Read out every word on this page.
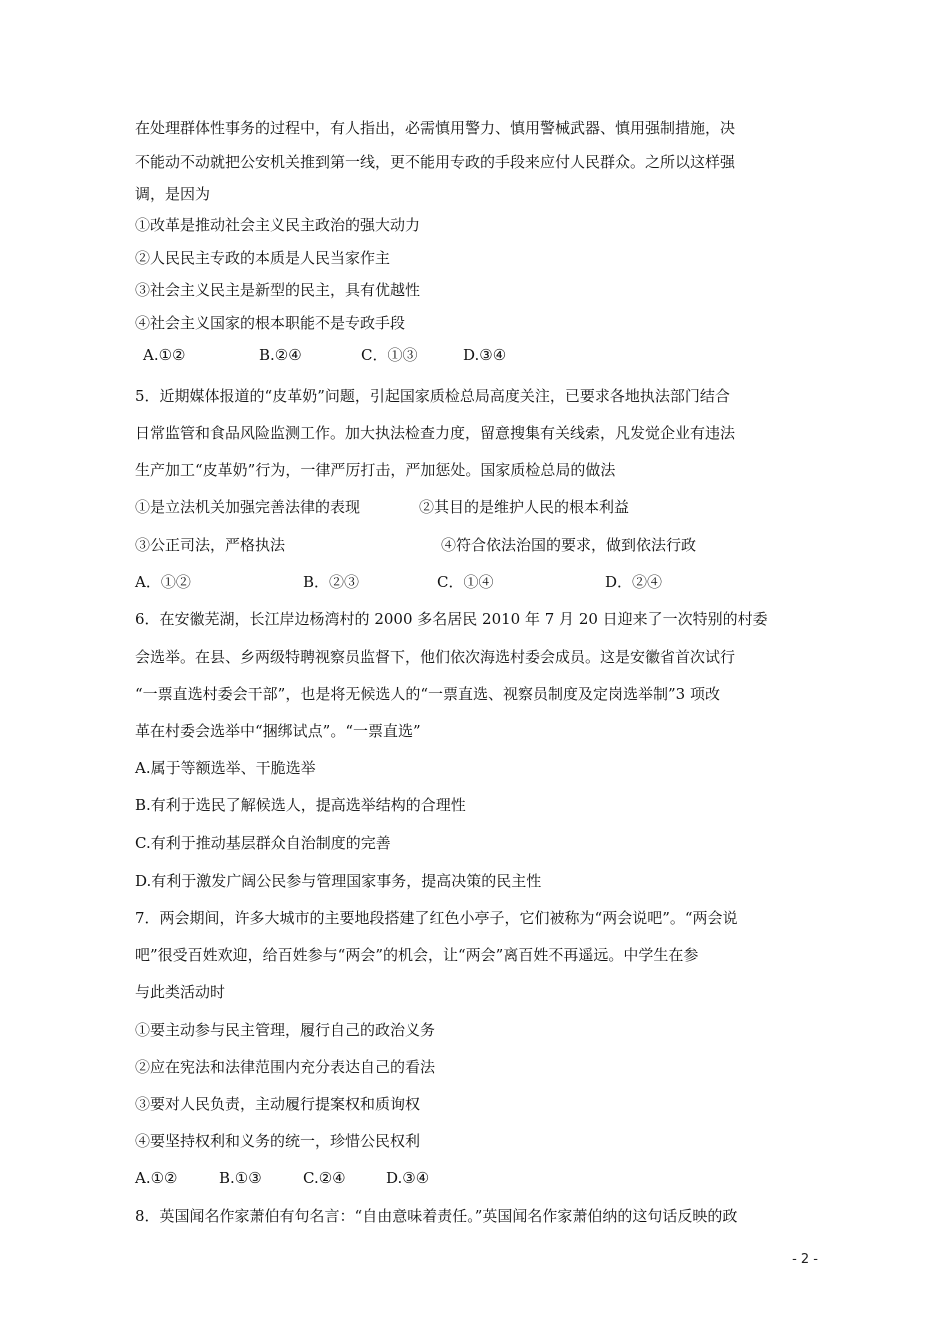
在处理群体性事务的过程中，有人指出，必需慎用警力、慎用警械武器、慎用强制措施，决
不能动不动就把公安机关推到第一线，更不能用专政的手段来应付人民群众。之所以这样强
调，是因为
①改革是推动社会主义民主政治的强大动力
②人民民主专政的本质是人民当家作主
③社会主义民主是新型的民主，具有优越性
④社会主义国家的根本职能不是专政手段
A.①②	B.②④	C．①③	D.③④
5．近期媒体报道的“皮革奶”问题，引起国家质检总局高度关注，已要求各地执法部门结合
日常监管和食品风险监测工作。加大执法检查力度，留意搜集有关线索，凡发觉企业有违法
生产加工“皮革奶”行为，一律严厉打击，严加惩处。国家质检总局的做法
①是立法机关加强完善法律的表现	②其目的是维护人民的根本利益
③公正司法，严格执法	④符合依法治国的要求，做到依法行政
A．①②	B．②③	C．①④	D．②④
6．在安徽芜湖，长江岸边杨湾村的 2000 多名居民 2010 年 7 月 20 日迎来了一次特别的村委
会选举。在县、乡两级特聘视察员监督下，他们依次海选村委会成员。这是安徽省首次试行
“一票直选村委会干部”，也是将无候选人的“一票直选、视察员制度及定岗选举制”3 项改
革在村委会选举中“捆绑试点”。“一票直选”
A.属于等额选举、干脆选举
B.有利于选民了解候选人，提高选举结构的合理性
C.有利于推动基层群众自治制度的完善
D.有利于激发广阔公民参与管理国家事务，提高决策的民主性
7．两会期间，许多大城市的主要地段搭建了红色小亭子，它们被称为“两会说吧”。“两会说
吧”很受百姓欢迎，给百姓参与“两会”的机会，让“两会”离百姓不再遥远。中学生在参
与此类活动时
①要主动参与民主管理，履行自己的政治义务
②应在宪法和法律范围内充分表达自己的看法
③要对人民负责，主动履行提案权和质询权
④要坚持权利和义务的统一，珍惜公民权利
A.①②	B.①③	C.②④	D.③④
8．英国闻名作家萧伯有句名言：“自由意味着责任。”英国闻名作家萧伯纳的这句话反映的政
- 2 -
